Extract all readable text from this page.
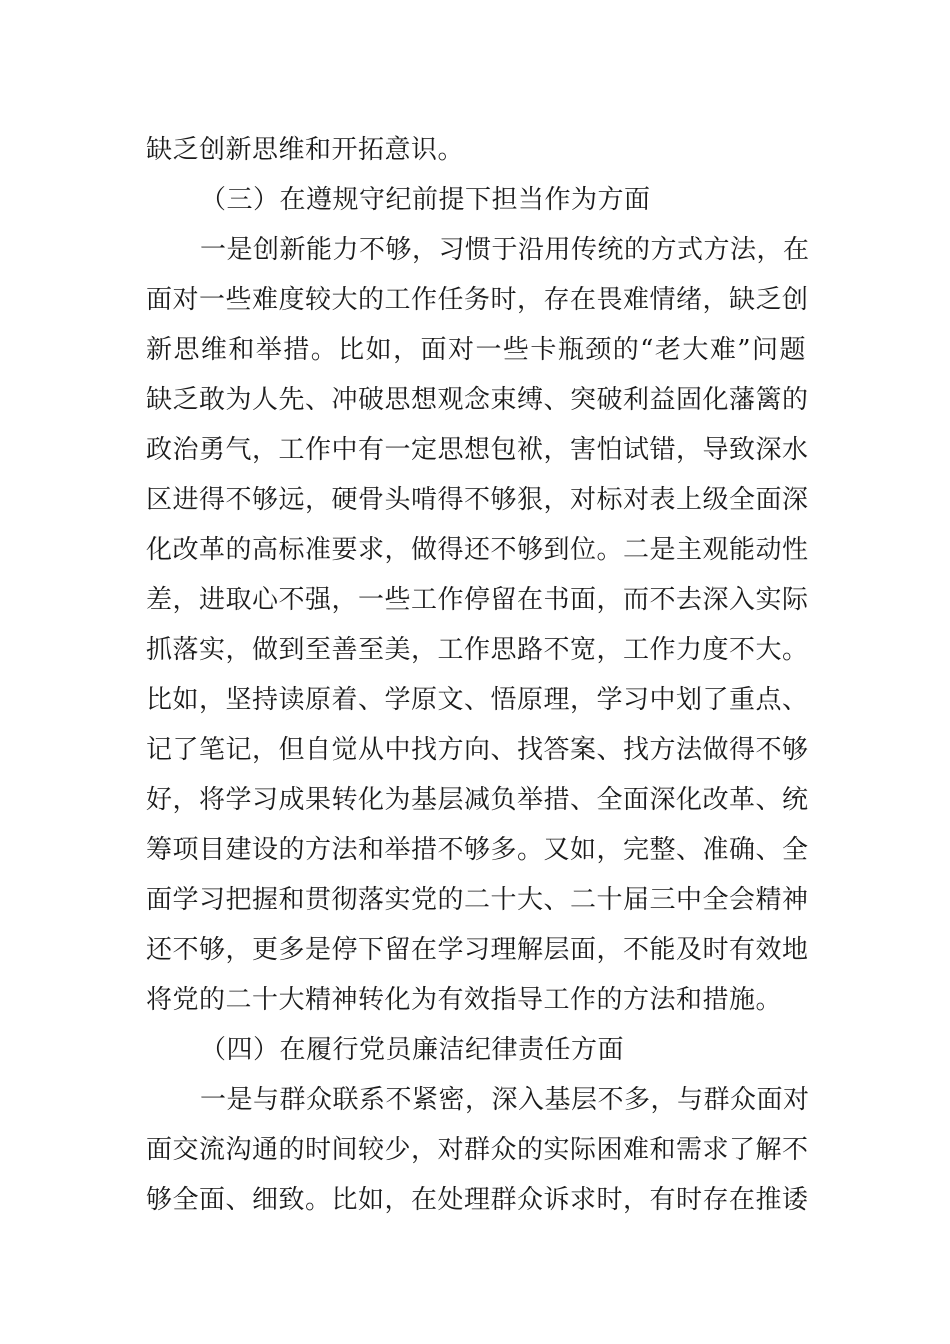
缺乏创新思维和开拓意识。
（三）在遵规守纪前提下担当作为方面
一是创新能力不够，习惯于沿用传统的方式方法，在
面对一些难度较大的工作任务时，存在畏难情绪，缺乏创
新思维和举措。比如，面对一些卡瓶颈的“老大难”问题
缺乏敢为人先、冲破思想观念束缚、突破利益固化藩篱的
政治勇气，工作中有一定思想包袱，害怕试错，导致深水
区进得不够远，硬骨头啃得不够狠，对标对表上级全面深
化改革的高标准要求，做得还不够到位。二是主观能动性
差，进取心不强，一些工作停留在书面，而不去深入实际
抓落实，做到至善至美，工作思路不宽，工作力度不大。
比如，坚持读原着、学原文、悟原理，学习中划了重点、
记了笔记，但自觉从中找方向、找答案、找方法做得不够
好，将学习成果转化为基层减负举措、全面深化改革、统
筹项目建设的方法和举措不够多。又如，完整、准确、全
面学习把握和贯彻落实党的二十大、二十届三中全会精神
还不够，更多是停下留在学习理解层面，不能及时有效地
将党的二十大精神转化为有效指导工作的方法和措施。
（四）在履行党员廉洁纪律责任方面
一是与群众联系不紧密，深入基层不多，与群众面对
面交流沟通的时间较少，对群众的实际困难和需求了解不
够全面、细致。比如，在处理群众诉求时，有时存在推诿
